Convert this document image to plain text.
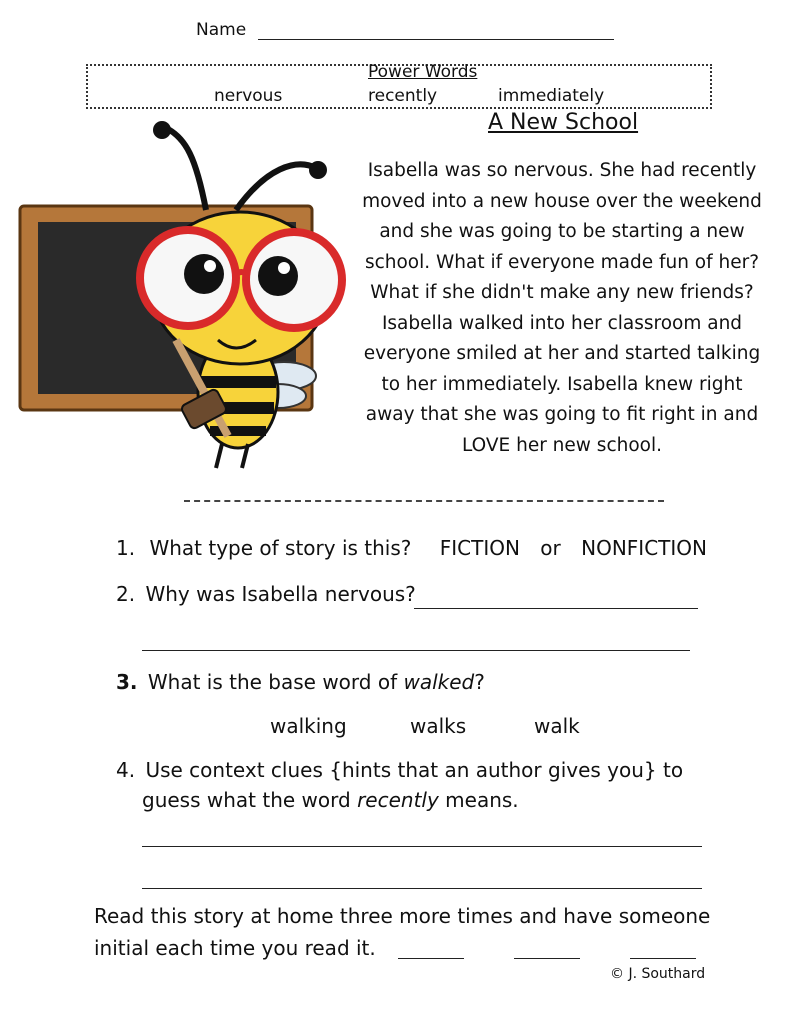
Name
Power Words
nervous	recently	immediately
A New School
Isabella was so nervous. She had recently moved into a new house over the weekend and she was going to be starting a new school. What if everyone made fun of her? What if she didn't make any new friends? Isabella walked into her classroom and everyone smiled at her and started talking to her immediately. Isabella knew right away that she was going to fit right in and LOVE her new school.
1. What type of story is this? FICTION or NONFICTION
2. Why was Isabella nervous?
3. What is the base word of walked?
walking	walks	walk
4. Use context clues {hints that an author gives you} to
guess what the word recently means.
Read this story at home three more times and have someone
initial each time you read it.
© J. Southard
